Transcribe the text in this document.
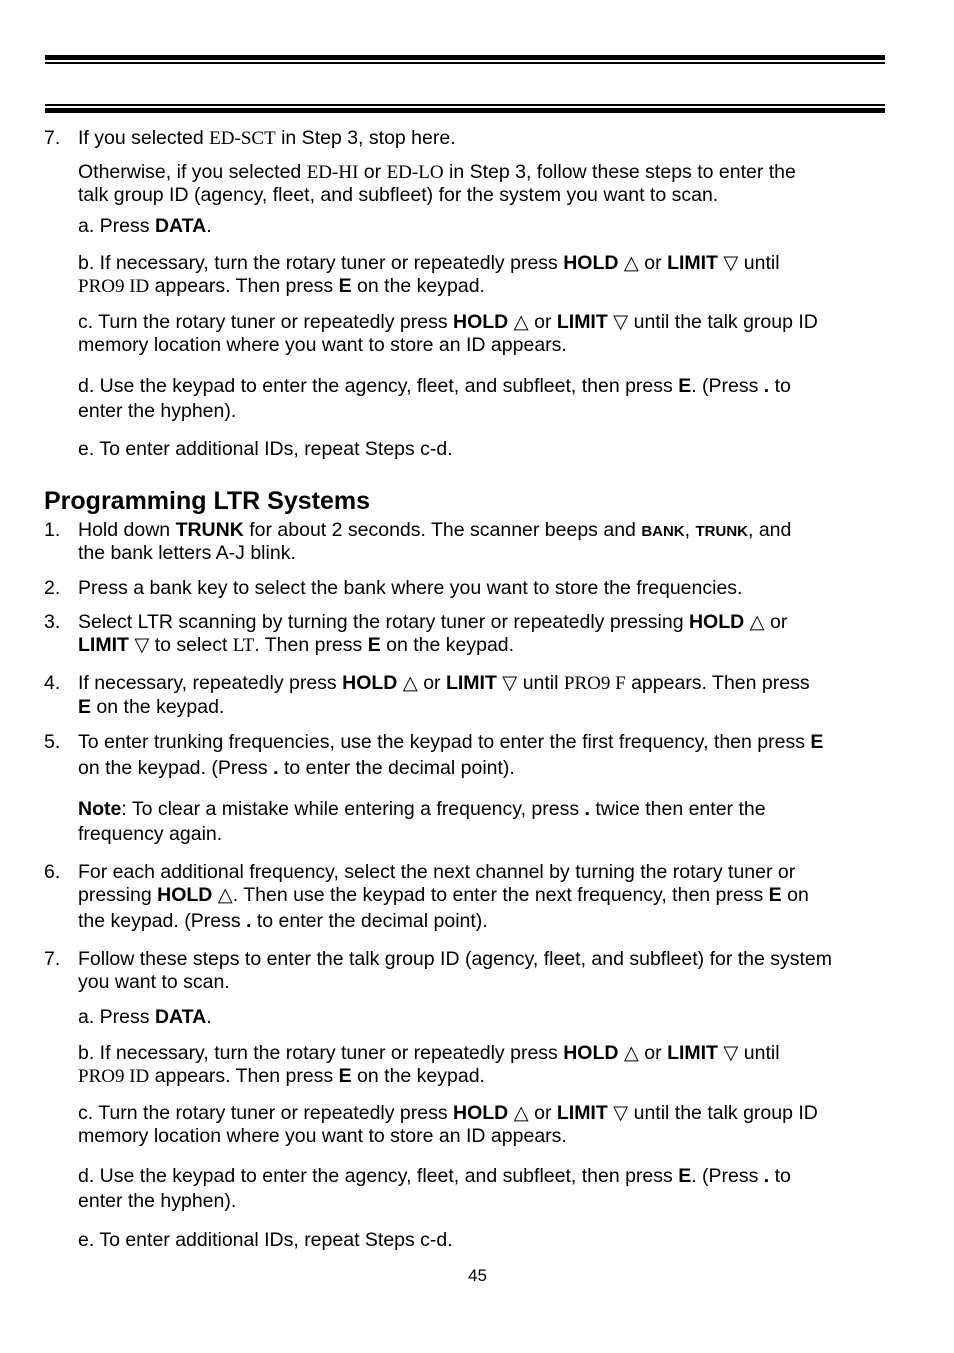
7. If you selected ED-SCT in Step 3, stop here.
Otherwise, if you selected ED-HI or ED-LO in Step 3, follow these steps to enter the
talk group ID (agency, fleet, and subfleet) for the system you want to scan.
a. Press DATA.
b. If necessary, turn the rotary tuner or repeatedly press HOLD △ or LIMIT ▽ until
PRO9 ID appears. Then press E on the keypad.
c. Turn the rotary tuner or repeatedly press HOLD △ or LIMIT ▽ until the talk group ID
memory location where you want to store an ID appears.
d. Use the keypad to enter the agency, fleet, and subfleet, then press E. (Press . to
enter the hyphen).
e. To enter additional IDs, repeat Steps c-d.
Programming LTR Systems
1. Hold down TRUNK for about 2 seconds. The scanner beeps and BANK, TRUNK, and
the bank letters A-J blink.
2. Press a bank key to select the bank where you want to store the frequencies.
3. Select LTR scanning by turning the rotary tuner or repeatedly pressing HOLD △ or
LIMIT ▽ to select LT. Then press E on the keypad.
4. If necessary, repeatedly press HOLD △ or LIMIT ▽ until PRO9 F appears. Then press
E on the keypad.
5. To enter trunking frequencies, use the keypad to enter the first frequency, then press E
on the keypad. (Press . to enter the decimal point).
Note: To clear a mistake while entering a frequency, press . twice then enter the
frequency again.
6. For each additional frequency, select the next channel by turning the rotary tuner or
pressing HOLD △. Then use the keypad to enter the next frequency, then press E on
the keypad. (Press . to enter the decimal point).
7. Follow these steps to enter the talk group ID (agency, fleet, and subfleet) for the system
you want to scan.
a. Press DATA.
b. If necessary, turn the rotary tuner or repeatedly press HOLD △ or LIMIT ▽ until
PRO9 ID appears. Then press E on the keypad.
c. Turn the rotary tuner or repeatedly press HOLD △ or LIMIT ▽ until the talk group ID
memory location where you want to store an ID appears.
d. Use the keypad to enter the agency, fleet, and subfleet, then press E. (Press . to
enter the hyphen).
e. To enter additional IDs, repeat Steps c-d.
45
